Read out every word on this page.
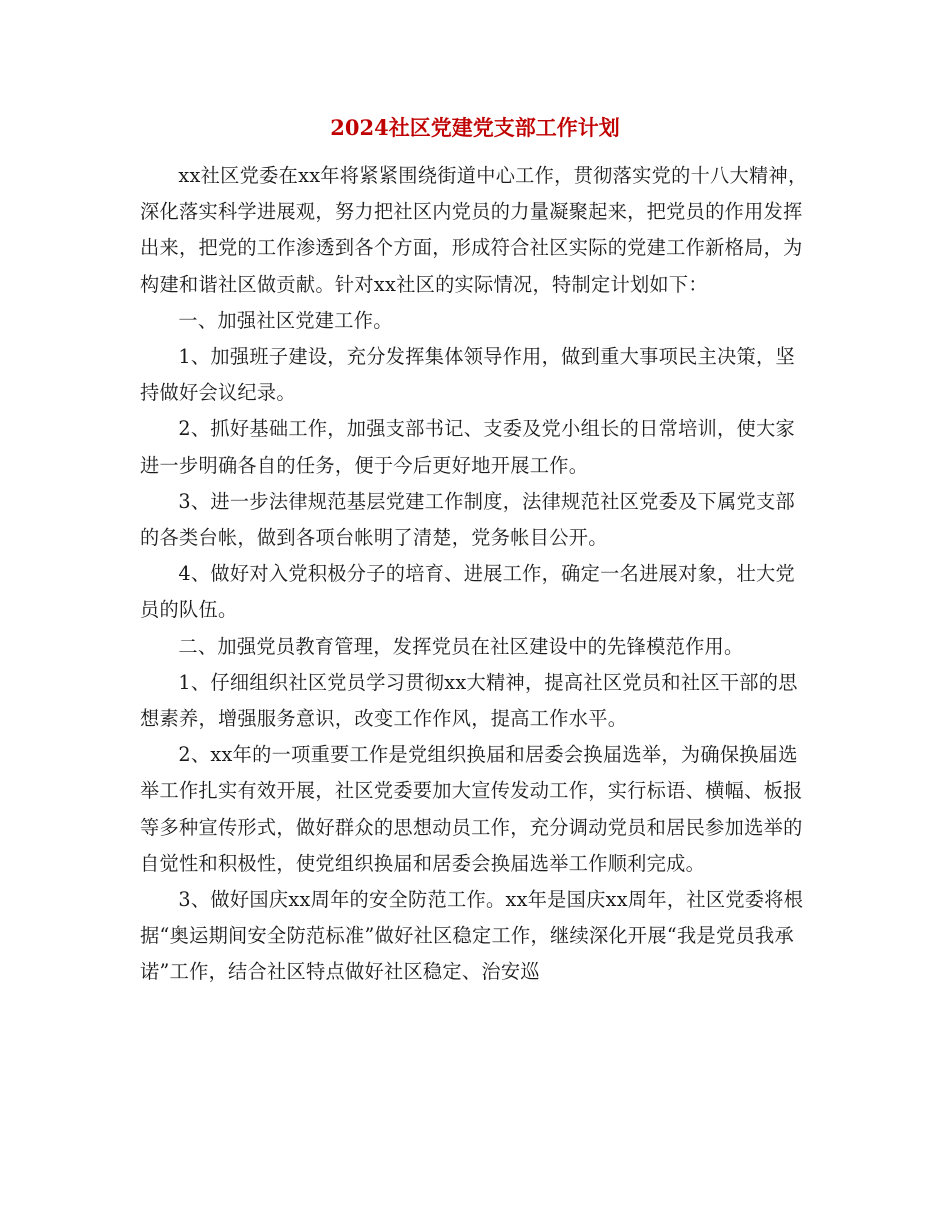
2024社区党建党支部工作计划

xx社区党委在xx年将紧紧围绕街道中心工作，贯彻落实党的十八大精神，深化落实科学进展观，努力把社区内党员的力量凝聚起来，把党员的作用发挥出来，把党的工作渗透到各个方面，形成符合社区实际的党建工作新格局，为构建和谐社区做贡献。针对xx社区的实际情况，特制定计划如下：

一、加强社区党建工作。

1、加强班子建设，充分发挥集体领导作用，做到重大事项民主决策，坚持做好会议纪录。

2、抓好基础工作，加强支部书记、支委及党小组长的日常培训，使大家进一步明确各自的任务，便于今后更好地开展工作。

3、进一步法律规范基层党建工作制度，法律规范社区党委及下属党支部的各类台帐，做到各项台帐明了清楚，党务帐目公开。

4、做好对入党积极分子的培育、进展工作，确定一名进展对象，壮大党员的队伍。

二、加强党员教育管理，发挥党员在社区建设中的先锋模范作用。

1、仔细组织社区党员学习贯彻xx大精神，提高社区党员和社区干部的思想素养，增强服务意识，改变工作作风，提高工作水平。

2、xx年的一项重要工作是党组织换届和居委会换届选举，为确保换届选举工作扎实有效开展，社区党委要加大宣传发动工作，实行标语、横幅、板报等多种宣传形式，做好群众的思想动员工作，充分调动党员和居民参加选举的自觉性和积极性，使党组织换届和居委会换届选举工作顺利完成。

3、做好国庆xx周年的安全防范工作。xx年是国庆xx周年，社区党委将根据“奥运期间安全防范标准”做好社区稳定工作，继续深化开展“我是党员我承诺”工作，结合社区特点做好社区稳定、治安巡
